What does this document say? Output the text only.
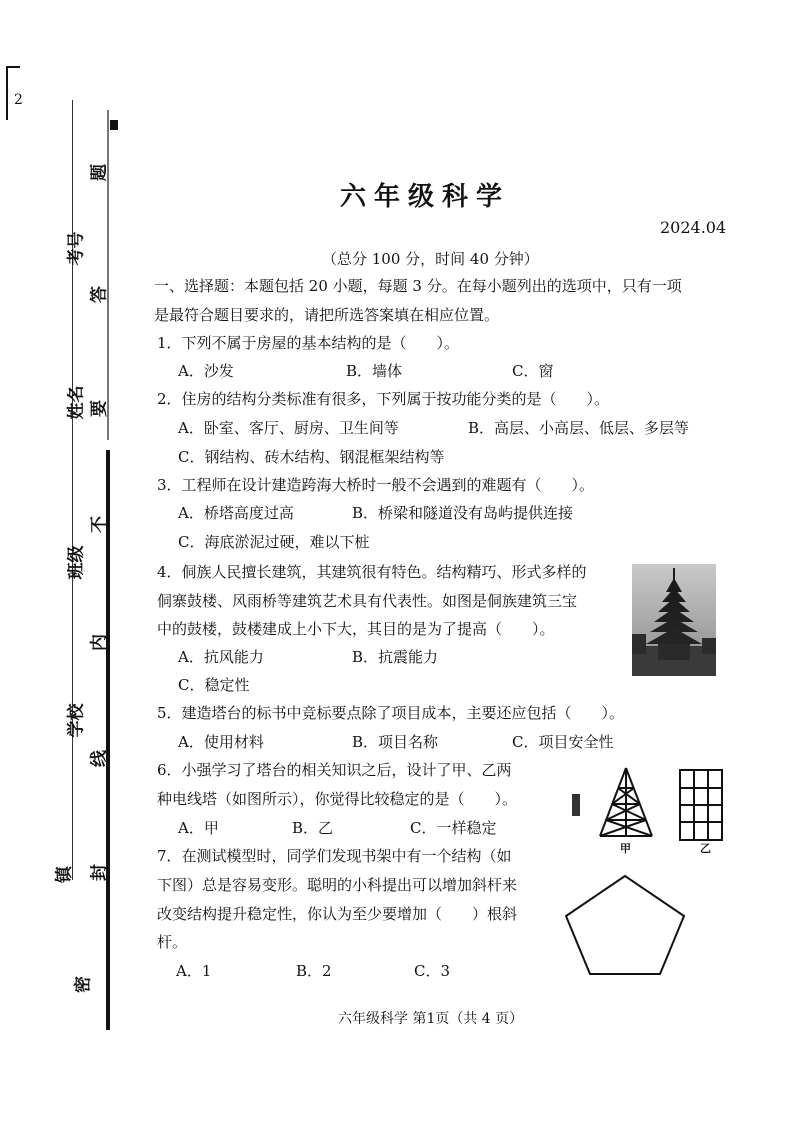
2
考号
姓名
班级
学校
镇
题
答
要
不
内
线
封
密
六年级科学
2024.04
（总分 100 分，时间 40 分钟）
一、选择题：本题包括 20 小题，每题 3 分。在每小题列出的选项中，只有一项
是最符合题目要求的，请把所选答案填在相应位置。
1．下列不属于房屋的基本结构的是（　　）。
A．沙发	B．墙体	C．窗
2．住房的结构分类标准有很多，下列属于按功能分类的是（　　）。
A．卧室、客厅、厨房、卫生间等	B．高层、小高层、低层、多层等
C．钢结构、砖木结构、钢混框架结构等
3．工程师在设计建造跨海大桥时一般不会遇到的难题有（　　）。
A．桥塔高度过高	B．桥梁和隧道没有岛屿提供连接
C．海底淤泥过硬，难以下桩
4．侗族人民擅长建筑，其建筑很有特色。结构精巧、形式多样的
侗寨鼓楼、风雨桥等建筑艺术具有代表性。如图是侗族建筑三宝
中的鼓楼，鼓楼建成上小下大，其目的是为了提高（　　）。
A．抗风能力	B．抗震能力
C．稳定性
5．建造塔台的标书中竞标要点除了项目成本，主要还应包括（　　）。
A．使用材料	B．项目名称	C．项目安全性
6．小强学习了塔台的相关知识之后，设计了甲、乙两
种电线塔（如图所示），你觉得比较稳定的是（　　）。
A．甲	B．乙	C．一样稳定
甲	乙
7．在测试模型时，同学们发现书架中有一个结构（如
下图）总是容易变形。聪明的小科提出可以增加斜杆来
改变结构提升稳定性，你认为至少要增加（　　）根斜
杆。
A．1	B．2	C．3
六年级科学 第1页（共 4 页）
